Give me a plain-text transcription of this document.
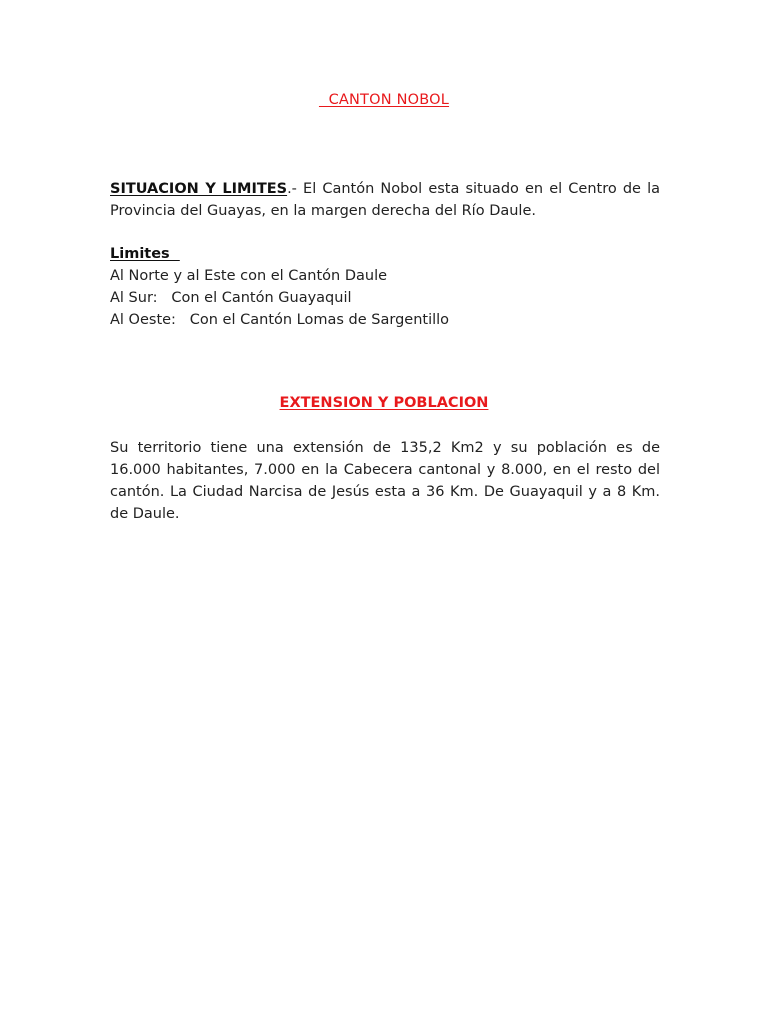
CANTON NOBOL
SITUACION Y LIMITES.- El Cantón Nobol esta situado en el Centro de la Provincia del Guayas, en la margen derecha del Río Daule.
Limites
Al Norte y al Este con el Cantón Daule
Al Sur:   Con el Cantón Guayaquil
Al Oeste:   Con el Cantón Lomas de Sargentillo
EXTENSION Y POBLACION
Su territorio tiene una extensión de 135,2 Km2 y su población es de 16.000 habitantes, 7.000 en la Cabecera cantonal y 8.000, en el resto del cantón. La Ciudad Narcisa de Jesús esta a 36 Km. De Guayaquil y a 8 Km. de Daule.
